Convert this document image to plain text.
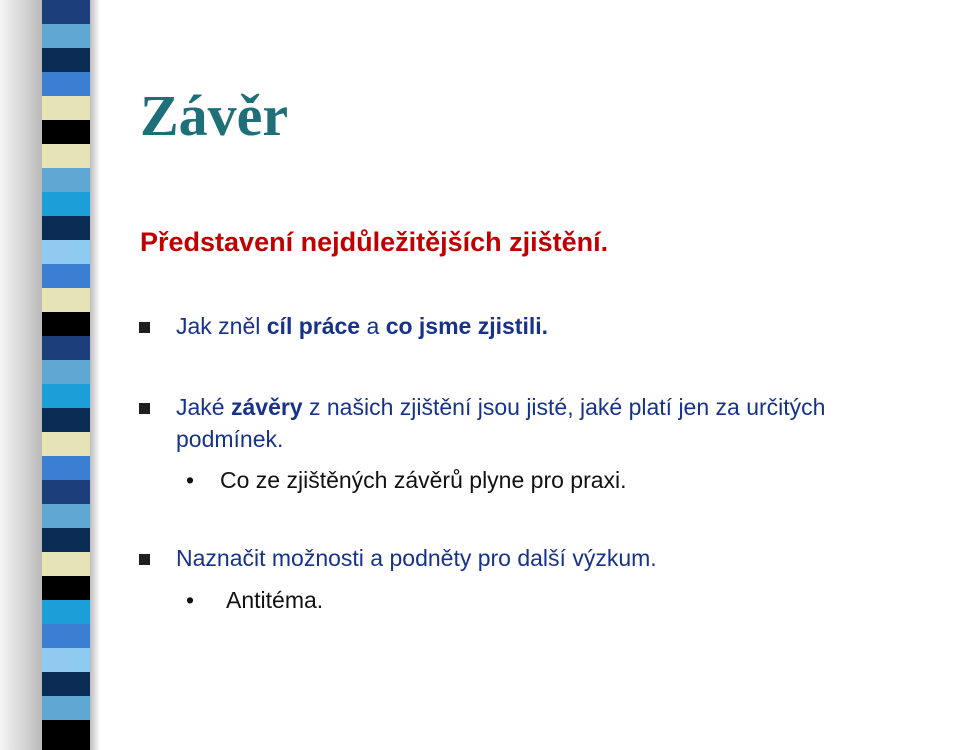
Závěr
Představení nejdůležitějších zjištění.
Jak zněl cíl práce a co jsme zjistili.
Jaké závěry z našich zjištění jsou jisté, jaké platí jen za určitých
podmínek.
• Co ze zjištěných závěrů plyne pro praxi.
Naznačit možnosti a podněty pro další výzkum.
• Antitéma.
